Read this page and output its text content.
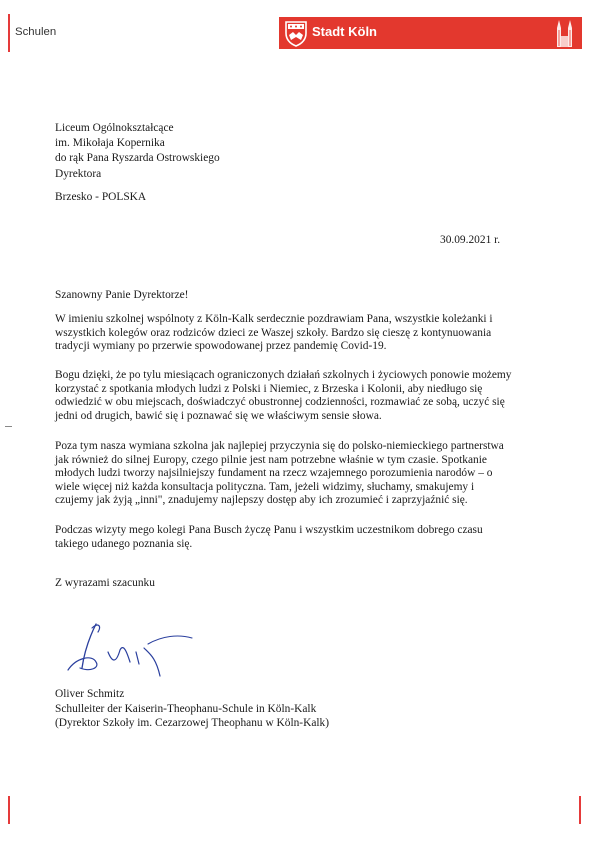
Schulen	Stadt Köln
Liceum Ogólnokształcące
im. Mikołaja Kopernika
do rąk Pana Ryszarda Ostrowskiego
Dyrektora
Brzesko - POLSKA
30.09.2021 r.
Szanowny Panie Dyrektorze!
W imieniu szkolnej wspólnoty z Köln-Kalk serdecznie pozdrawiam Pana, wszystkie koleżanki i
wszystkich kolegów oraz rodziców dzieci ze Waszej szkoły. Bardzo się cieszę z kontynuowania
tradycji wymiany po przerwie spowodowanej przez pandemię Covid-19.
Bogu dzięki, że po tylu miesiącach ograniczonych działań szkolnych i życiowych ponowie możemy
korzystać z spotkania młodych ludzi z Polski i Niemiec, z Brzeska i Kolonii, aby niedługo się
odwiedzić w obu miejscach, doświadczyć obustronnej codzienności, rozmawiać ze sobą, uczyć się
jedni od drugich, bawić się i poznawać się we właściwym sensie słowa.
Poza tym nasza wymiana szkolna jak najlepiej przyczynia się do polsko-niemieckiego partnerstwa
jak również do silnej Europy, czego pilnie jest nam potrzebne właśnie w tym czasie. Spotkanie
młodych ludzi tworzy najsilniejszy fundament na rzecz wzajemnego porozumienia narodów – o
wiele więcej niż każda konsultacja polityczna. Tam, jeżeli widzimy, słuchamy, smakujemy i
czujemy jak żyją „inni", znadujemy najlepszy dostęp aby ich zrozumieć i zaprzyjaźnić się.
Podczas wizyty mego kolegi Pana Busch życzę Panu i wszystkim uczestnikom dobrego czasu
takiego udanego poznania się.
Z wyrazami szacunku
Oliver Schmitz
Schulleiter der Kaiserin-Theophanu-Schule in Köln-Kalk
(Dyrektor Szkoły im. Cezarzowej Theophanu w Köln-Kalk)
